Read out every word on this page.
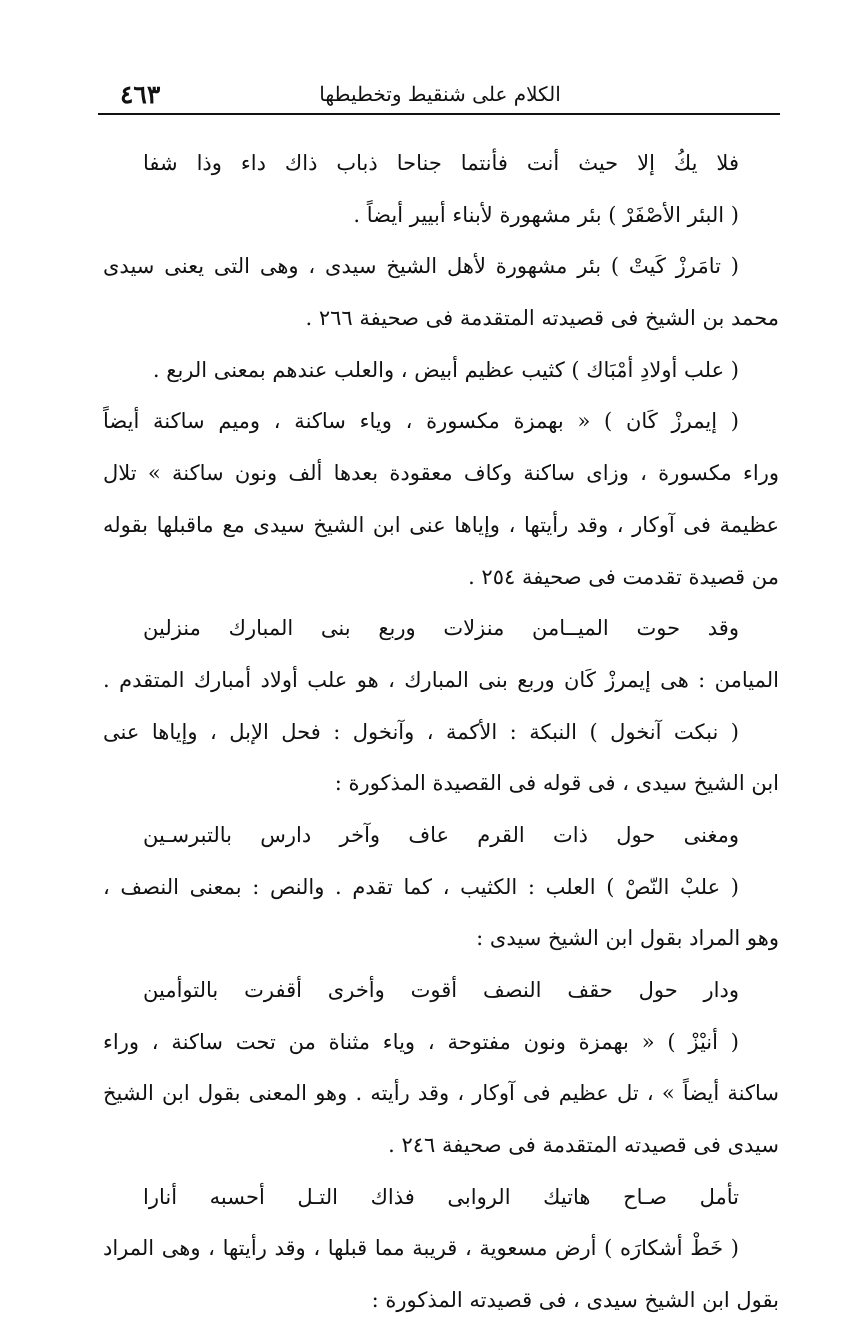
٤٦٣	الكلام على شنقيط وتخطيطها
فلا يكُ إلا حيث أنت فأنتما جناحا ذباب ذاك داء وذا شفا
( البئر الأصْفَرْ ) بئر مشهورة لأبناء أبيير أيضاً .
( تامَرزْ كَيتْ ) بئر مشهورة لأهل الشيخ سيدى ، وهى التى يعنى سيدى
محمد بن الشيخ فى قصيدته المتقدمة فى صحيفة ٢٦٦ .
( علب أولادِ أمْبَاك ) كثيب عظيم أبيض ، والعلب عندهم بمعنى الربع .
( إيمرزْ كَان ) « بهمزة مكسورة ، وياء ساكنة ، وميم ساكنة أيضاً
وراء مكسورة ، وزاى ساكنة وكاف معقودة بعدها ألف ونون ساكنة » تلال
عظيمة فى آوكار ، وقد رأيتها ، وإياها عنى ابن الشيخ سيدى مع ماقبلها بقوله
من قصيدة تقدمت فى صحيفة ٢٥٤ .
وقد حوت الميــامن منزلات وربع بنى المبارك منزلين
الميامن : هى إيمرزْ كَان وربع بنى المبارك ، هو علب أولاد أمبارك المتقدم .
( نبكت آنخول ) النبكة : الأكمة ، وآنخول : فحل الإبل ، وإياها عنى
ابن الشيخ سيدى ، فى قوله فى القصيدة المذكورة :
ومغنى حول ذات القرم عاف وآخر دارس بالتبرسـين
( علبْ النّصْ ) العلب : الكثيب ، كما تقدم . والنص : بمعنى النصف ،
وهو المراد بقول ابن الشيخ سيدى :
ودار حول حقف النصف أقوت وأخرى أقفرت بالتوأمين
( أنيْزْ ) « بهمزة ونون مفتوحة ، وياء مثناة من تحت ساكنة ، وراء
ساكنة أيضاً » ، تل عظيم فى آوكار ، وقد رأيته . وهو المعنى بقول ابن الشيخ
سيدى فى قصيدته المتقدمة فى صحيفة ٢٤٦ .
تأمل صـاح هاتيك الروابى فذاك التـل أحسبه أنارا
( خَطْ أشكارَه ) أرض مسعوية ، قريبة مما قبلها ، وقد رأيتها ، وهى المراد
بقول ابن الشيخ سيدى ، فى قصيدته المذكورة :
